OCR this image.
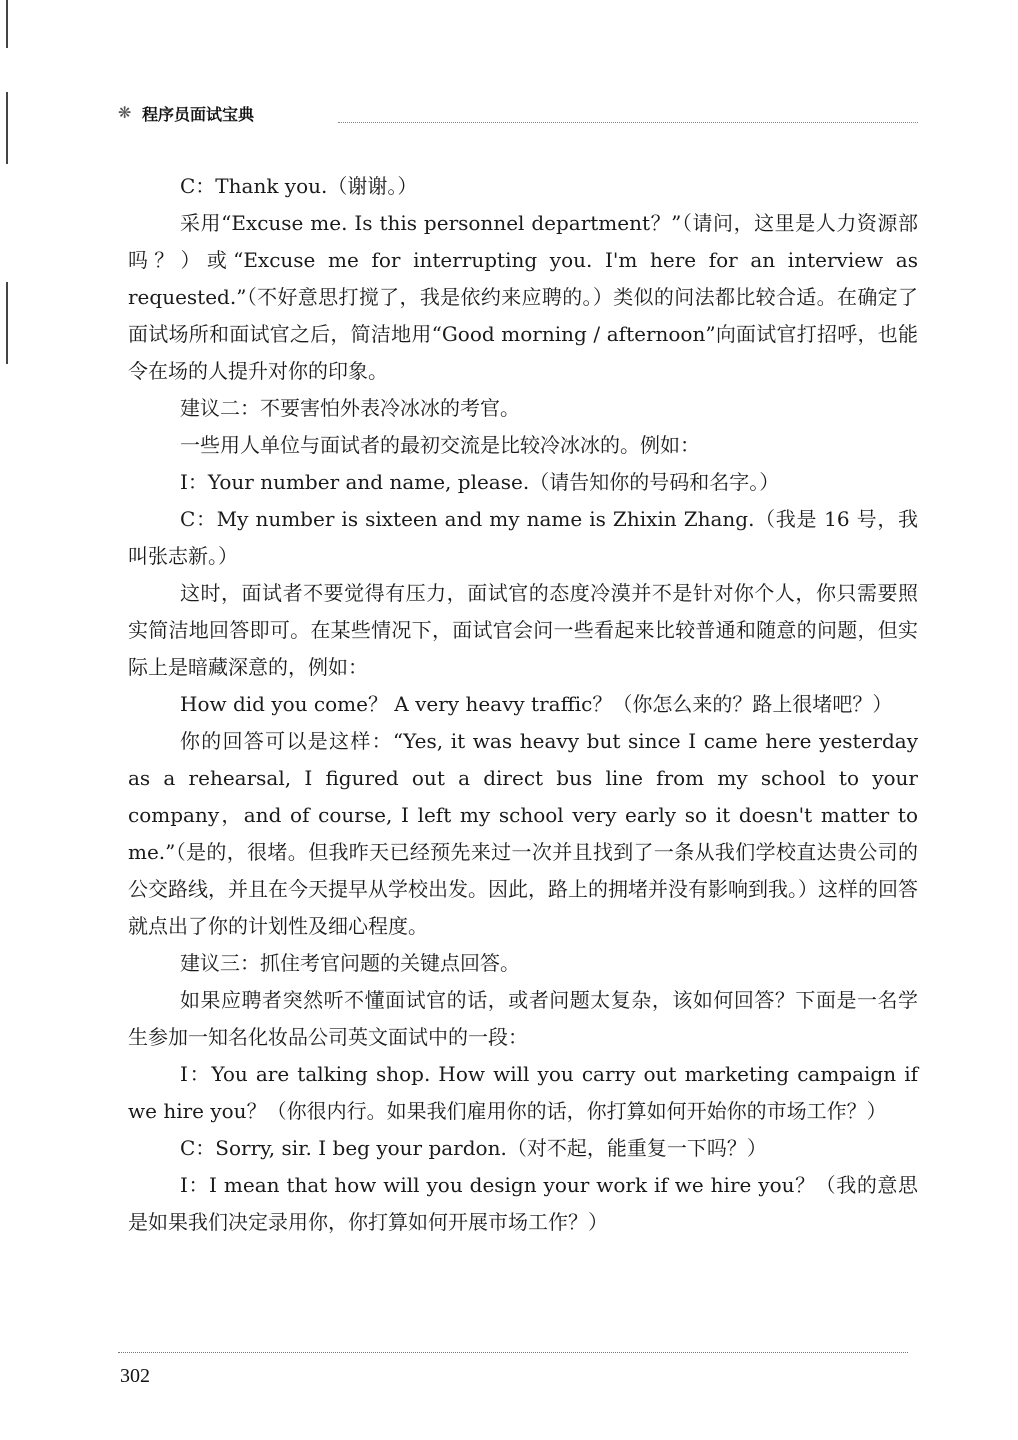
❋ 程序员面试宝典

C：Thank you.（谢谢。）

采用“Excuse me. Is this personnel department？”（请问，这里是人力资源部吗？）或“Excuse me for interrupting you. I'm here for an interview as requested.”（不好意思打搅了，我是依约来应聘的。）类似的问法都比较合适。在确定了面试场所和面试官之后，简洁地用“Good morning / afternoon”向面试官打招呼，也能令在场的人提升对你的印象。

建议二：不要害怕外表冷冰冰的考官。

一些用人单位与面试者的最初交流是比较冷冰冰的。例如：

I：Your number and name, please.（请告知你的号码和名字。）

C：My number is sixteen and my name is Zhixin Zhang.（我是 16 号，我叫张志新。）

这时，面试者不要觉得有压力，面试官的态度冷漠并不是针对你个人，你只需要照实简洁地回答即可。在某些情况下，面试官会问一些看起来比较普通和随意的问题，但实际上是暗藏深意的，例如：

How did you come？ A very heavy traffic？（你怎么来的？路上很堵吧？）

你的回答可以是这样：“Yes, it was heavy but since I came here yesterday as a rehearsal, I figured out a direct bus line from my school to your company，and of course, I left my school very early so it doesn't matter to me.”（是的，很堵。但我昨天已经预先来过一次并且找到了一条从我们学校直达贵公司的公交路线，并且在今天提早从学校出发。因此，路上的拥堵并没有影响到我。）这样的回答就点出了你的计划性及细心程度。

建议三：抓住考官问题的关键点回答。

如果应聘者突然听不懂面试官的话，或者问题太复杂，该如何回答？下面是一名学生参加一知名化妆品公司英文面试中的一段：

I：You are talking shop. How will you carry out marketing campaign if we hire you？（你很内行。如果我们雇用你的话，你打算如何开始你的市场工作？）

C：Sorry, sir. I beg your pardon.（对不起，能重复一下吗？）

I：I mean that how will you design your work if we hire you？（我的意思是如果我们决定录用你，你打算如何开展市场工作？）

302
